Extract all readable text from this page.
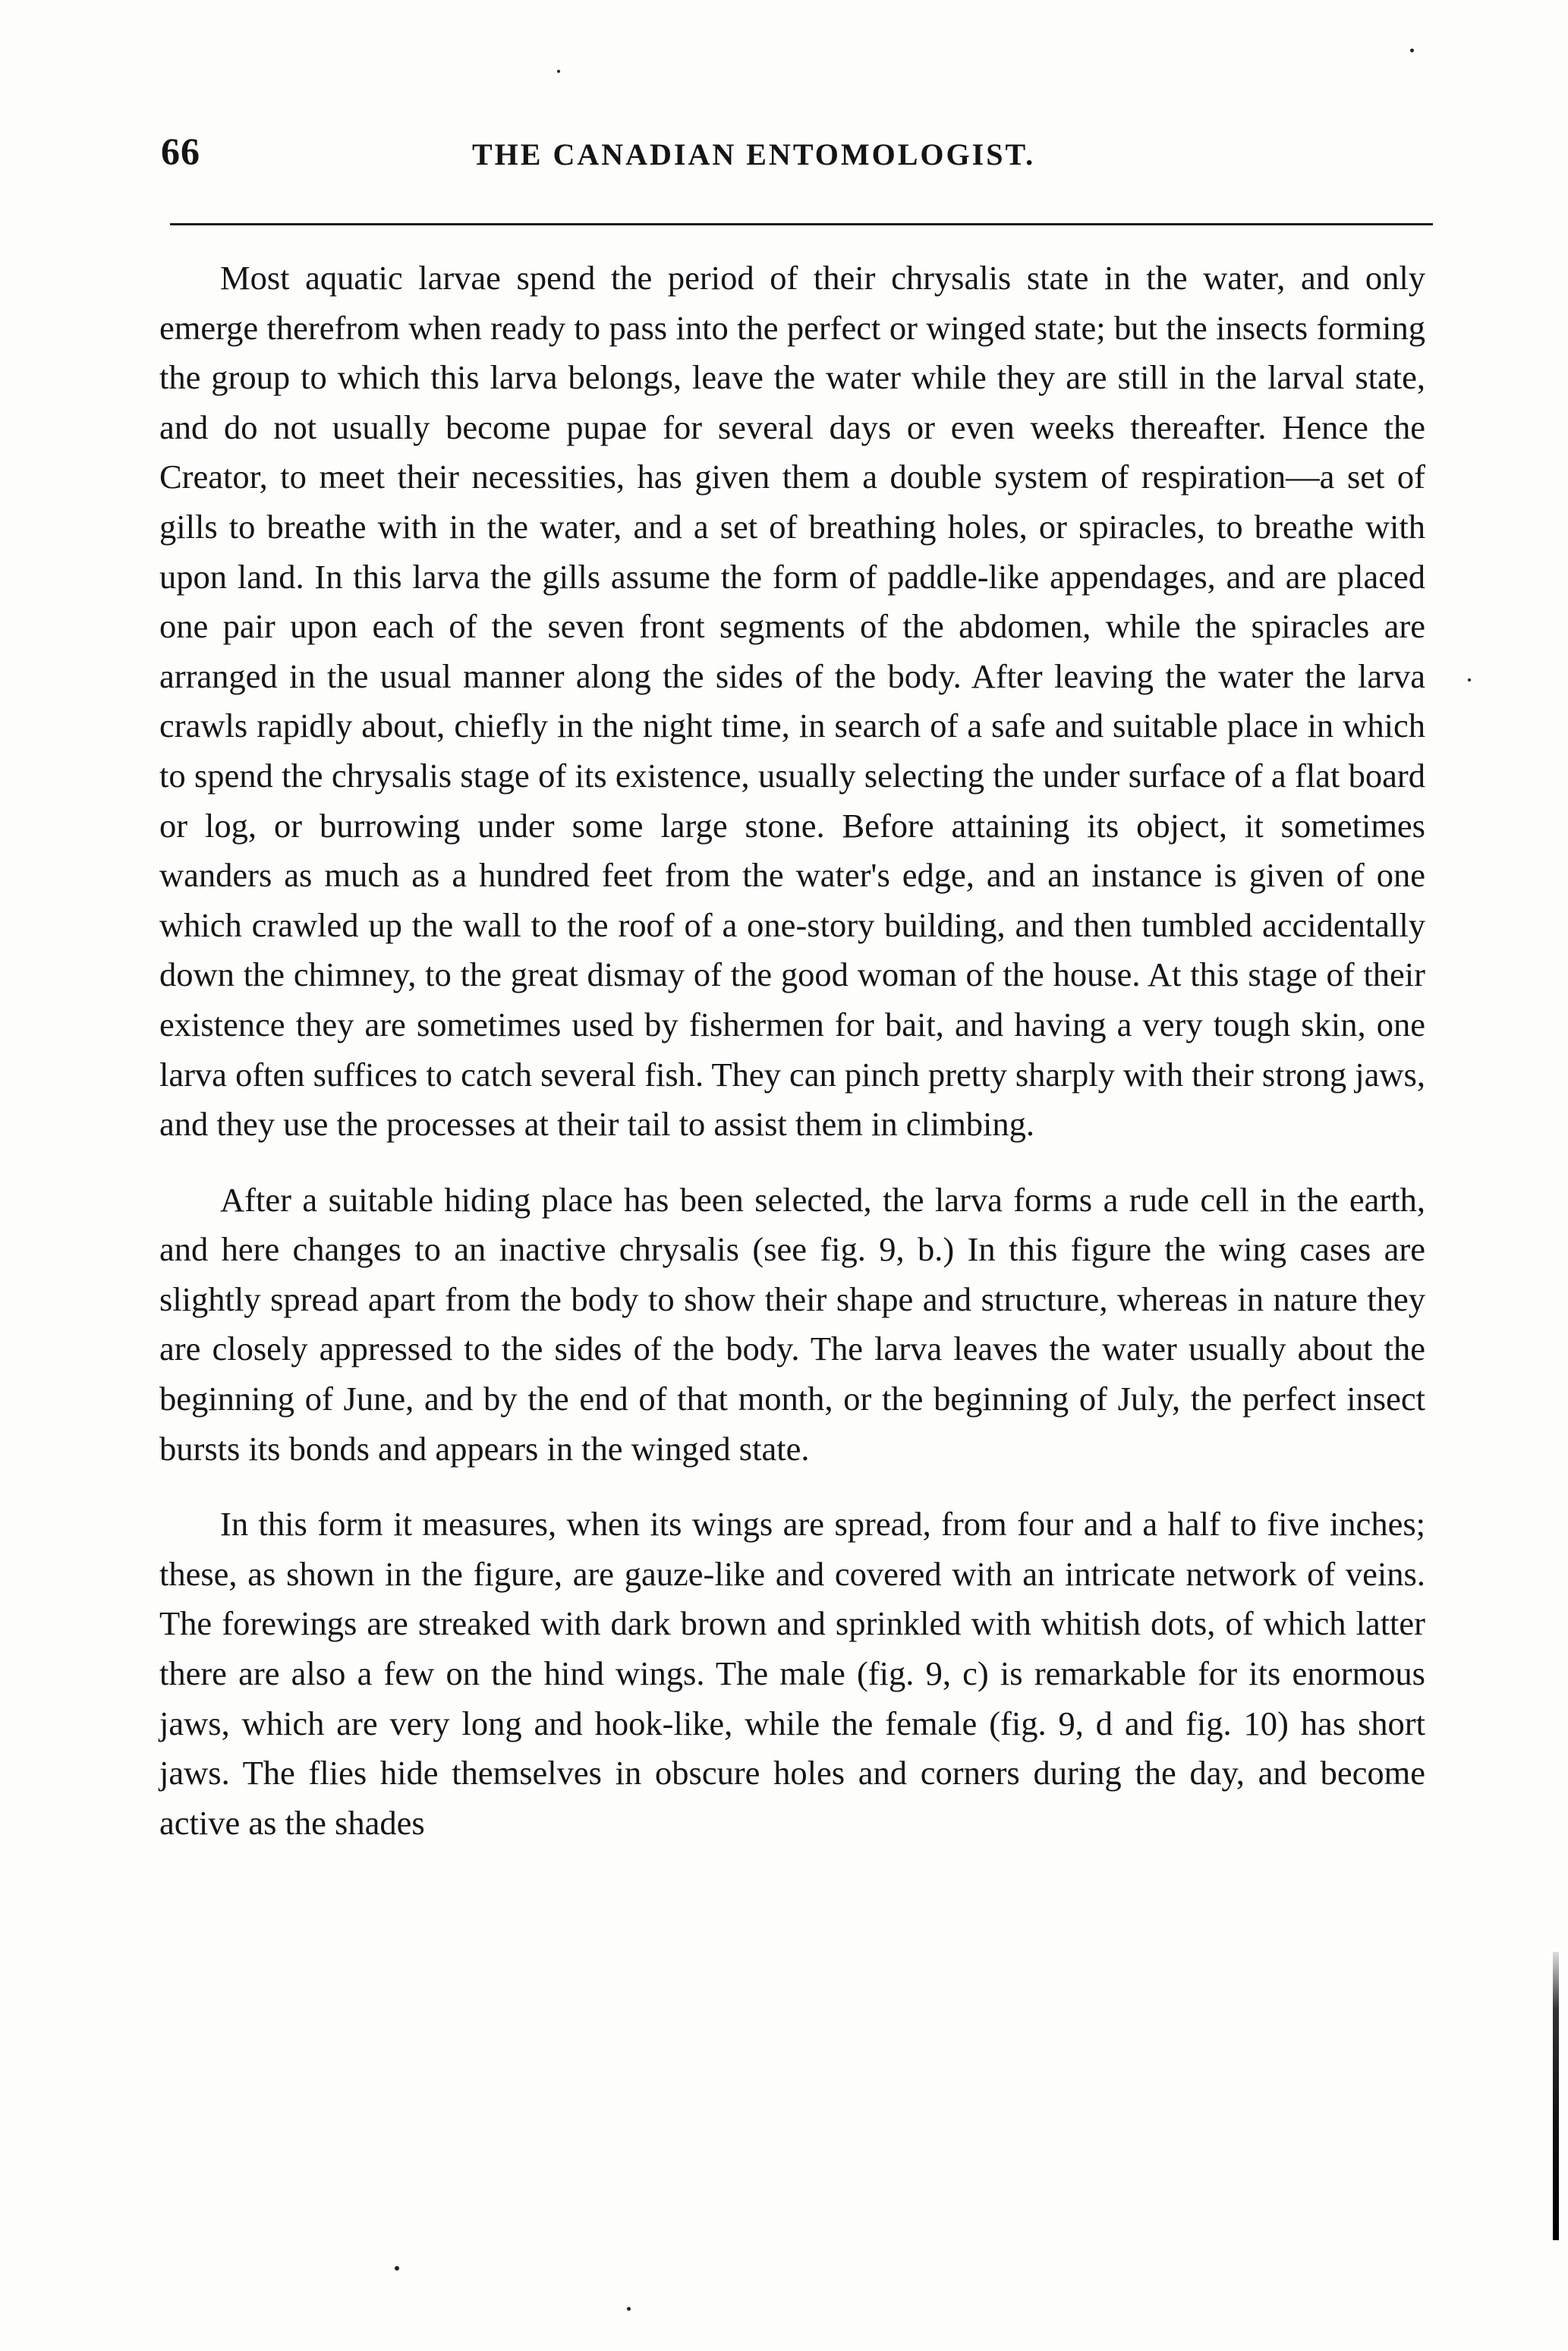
66	THE CANADIAN ENTOMOLOGIST.

Most aquatic larvae spend the period of their chrysalis state in the water, and only emerge therefrom when ready to pass into the perfect or winged state; but the insects forming the group to which this larva belongs, leave the water while they are still in the larval state, and do not usually become pupae for several days or even weeks thereafter. Hence the Creator, to meet their necessities, has given them a double system of respiration—a set of gills to breathe with in the water, and a set of breathing holes, or spiracles, to breathe with upon land. In this larva the gills assume the form of paddle-like appendages, and are placed one pair upon each of the seven front segments of the abdomen, while the spiracles are arranged in the usual manner along the sides of the body. After leaving the water the larva crawls rapidly about, chiefly in the night time, in search of a safe and suitable place in which to spend the chrysalis stage of its existence, usually selecting the under surface of a flat board or log, or burrowing under some large stone. Before attaining its object, it sometimes wanders as much as a hundred feet from the water's edge, and an instance is given of one which crawled up the wall to the roof of a one-story building, and then tumbled accidentally down the chimney, to the great dismay of the good woman of the house. At this stage of their existence they are sometimes used by fishermen for bait, and having a very tough skin, one larva often suffices to catch several fish. They can pinch pretty sharply with their strong jaws, and they use the processes at their tail to assist them in climbing.

After a suitable hiding place has been selected, the larva forms a rude cell in the earth, and here changes to an inactive chrysalis (see fig. 9, b.) In this figure the wing cases are slightly spread apart from the body to show their shape and structure, whereas in nature they are closely appressed to the sides of the body. The larva leaves the water usually about the beginning of June, and by the end of that month, or the beginning of July, the perfect insect bursts its bonds and appears in the winged state.

In this form it measures, when its wings are spread, from four and a half to five inches; these, as shown in the figure, are gauze-like and covered with an intricate network of veins. The forewings are streaked with dark brown and sprinkled with whitish dots, of which latter there are also a few on the hind wings. The male (fig. 9, c) is remarkable for its enormous jaws, which are very long and hook-like, while the female (fig. 9, d and fig. 10) has short jaws. The flies hide themselves in obscure holes and corners during the day, and become active as the shades
